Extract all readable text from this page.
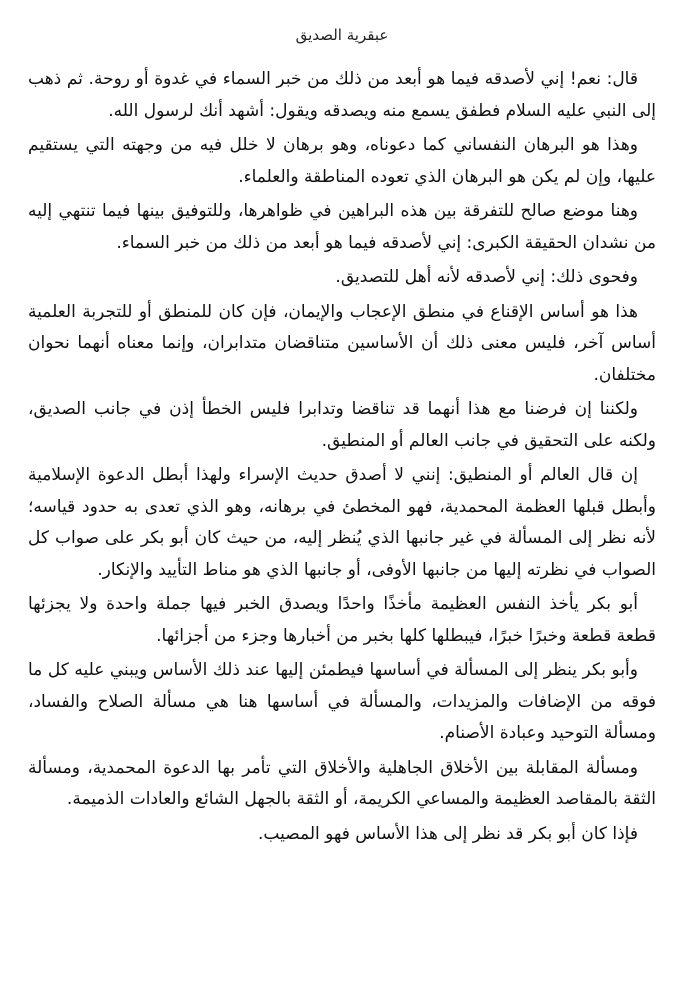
عبقرية الصديق

قال: نعم! إني لأصدقه فيما هو أبعد من ذلك من خبر السماء في غدوة أو روحة. ثم ذهب إلى النبي عليه السلام فطفق يسمع منه ويصدقه ويقول: أشهد أنك لرسول الله.

وهذا هو البرهان النفساني كما دعوناه، وهو برهان لا خلل فيه من وجهته التي يستقيم عليها، وإن لم يكن هو البرهان الذي تعوده المناطقة والعلماء.

وهنا موضع صالح للتفرقة بين هذه البراهين في ظواهرها، وللتوفيق بينها فيما تنتهي إليه من نشدان الحقيقة الكبرى: إني لأصدقه فيما هو أبعد من ذلك من خبر السماء.

وفحوى ذلك: إني لأصدقه لأنه أهل للتصديق.

هذا هو أساس الإقناع في منطق الإعجاب والإيمان، فإن كان للمنطق أو للتجربة العلمية أساس آخر، فليس معنى ذلك أن الأساسين متناقضان متدابران، وإنما معناه أنهما نحوان مختلفان.

ولكننا إن فرضنا مع هذا أنهما قد تناقضا وتدابرا فليس الخطأ إذن في جانب الصديق، ولكنه على التحقيق في جانب العالم أو المنطيق.

إن قال العالم أو المنطيق: إنني لا أصدق حديث الإسراء ولهذا أبطل الدعوة الإسلامية وأبطل قبلها العظمة المحمدية، فهو المخطئ في برهانه، وهو الذي تعدى به حدود قياسه؛ لأنه نظر إلى المسألة في غير جانبها الذي يُنظر إليه، من حيث كان أبو بكر على صواب كل الصواب في نظرته إليها من جانبها الأوفى، أو جانبها الذي هو مناط التأييد والإنكار.

أبو بكر يأخذ النفس العظيمة مأخذًا واحدًا ويصدق الخبر فيها جملة واحدة ولا يجزئها قطعة قطعة وخبرًا خبرًا، فيبطلها كلها بخبر من أخبارها وجزء من أجزائها.

وأبو بكر ينظر إلى المسألة في أساسها فيطمئن إليها عند ذلك الأساس ويبني عليه كل ما فوقه من الإضافات والمزيدات، والمسألة في أساسها هنا هي مسألة الصلاح والفساد، ومسألة التوحيد وعبادة الأصنام.

ومسألة المقابلة بين الأخلاق الجاهلية والأخلاق التي تأمر بها الدعوة المحمدية، ومسألة الثقة بالمقاصد العظيمة والمساعي الكريمة، أو الثقة بالجهل الشائع والعادات الذميمة.

فإذا كان أبو بكر قد نظر إلى هذا الأساس فهو المصيب.
